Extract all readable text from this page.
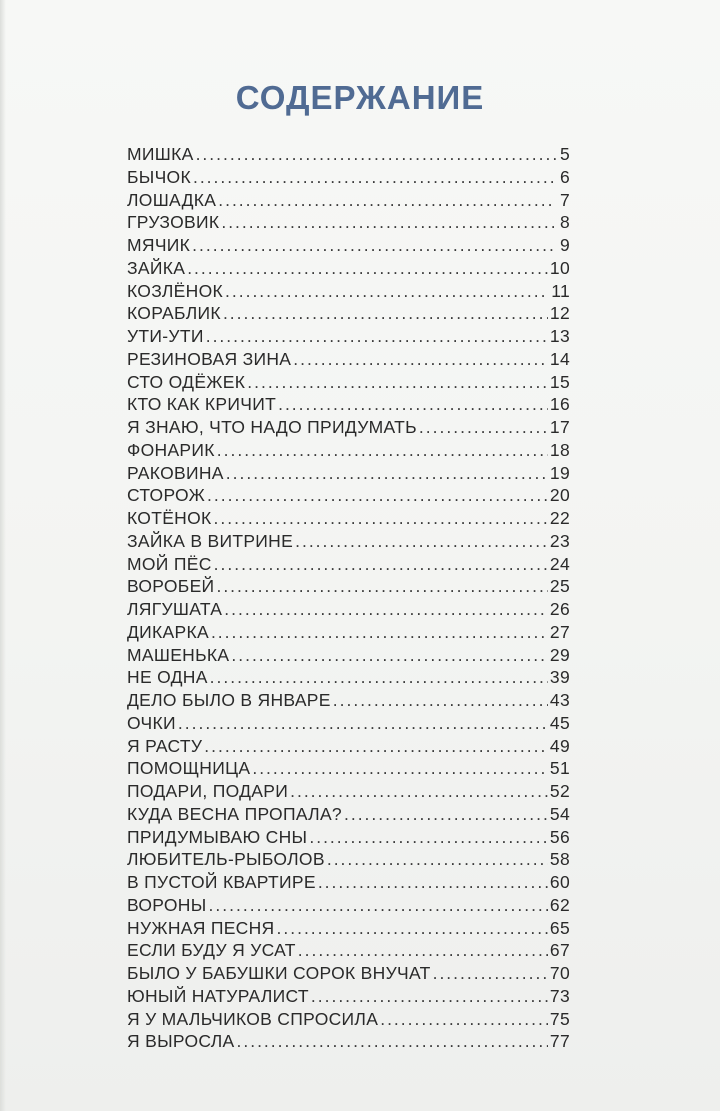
СОДЕРЖАНИЕ
МИШКА .....	5
БЫЧОК .....	6
ЛОШАДКА .....	7
ГРУЗОВИК .....	8
МЯЧИК .....	9
ЗАЙКА .....	10
КОЗЛЁНОК .....	11
КОРАБЛИК .....	12
УТИ-УТИ .....	13
РЕЗИНОВАЯ ЗИНА .....	14
СТО ОДЁЖЕК .....	15
КТО КАК КРИЧИТ .....	16
Я ЗНАЮ, ЧТО НАДО ПРИДУМАТЬ .....	17
ФОНАРИК .....	18
РАКОВИНА .....	19
СТОРОЖ .....	20
КОТЁНОК .....	22
ЗАЙКА В ВИТРИНЕ .....	23
МОЙ ПЁС .....	24
ВОРОБЕЙ .....	25
ЛЯГУШАТА .....	26
ДИКАРКА .....	27
МАШЕНЬКА .....	29
НЕ ОДНА .....	39
ДЕЛО БЫЛО В ЯНВАРЕ .....	43
ОЧКИ .....	45
Я РАСТУ .....	49
ПОМОЩНИЦА .....	51
ПОДАРИ, ПОДАРИ .....	52
КУДА ВЕСНА ПРОПАЛА? .....	54
ПРИДУМЫВАЮ СНЫ .....	56
ЛЮБИТЕЛЬ-РЫБОЛОВ .....	58
В ПУСТОЙ КВАРТИРЕ .....	60
ВОРОНЫ .....	62
НУЖНАЯ ПЕСНЯ .....	65
ЕСЛИ БУДУ Я УСАТ .....	67
БЫЛО У БАБУШКИ СОРОК ВНУЧАТ .....	70
ЮНЫЙ НАТУРАЛИСТ .....	73
Я У МАЛЬЧИКОВ СПРОСИЛА .....	75
Я ВЫРОСЛА .....	77
